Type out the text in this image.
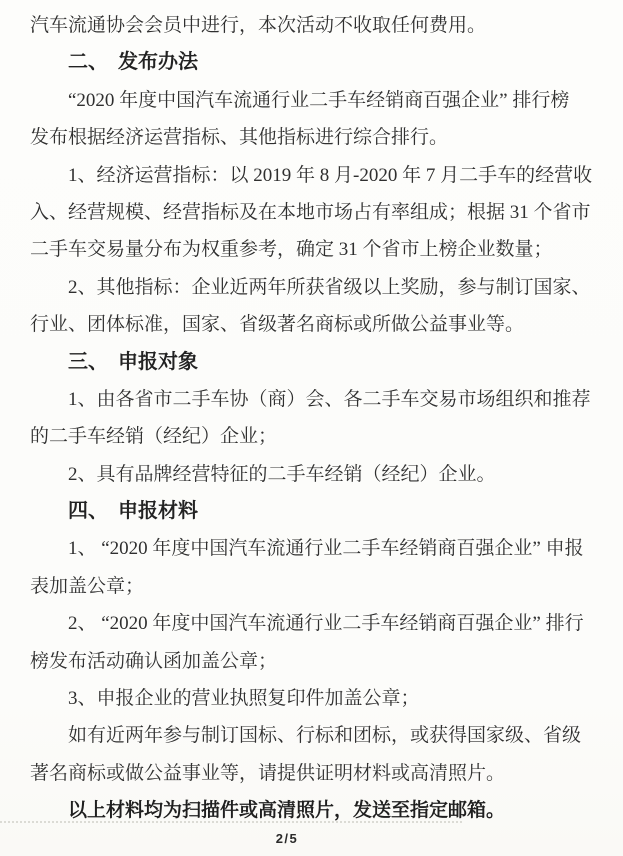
汽车流通协会会员中进行，本次活动不收取任何费用。
二、　发布办法
“2020 年度中国汽车流通行业二手车经销商百强企业” 排行榜
发布根据经济运营指标、其他指标进行综合排行。
1、经济运营指标：以 2019 年 8 月-2020 年 7 月二手车的经营收
入、经营规模、经营指标及在本地市场占有率组成；根据 31 个省市
二手车交易量分布为权重参考，确定 31 个省市上榜企业数量；
2、其他指标：企业近两年所获省级以上奖励，参与制订国家、
行业、团体标准，国家、省级著名商标或所做公益事业等。
三、　申报对象
1、由各省市二手车协（商）会、各二手车交易市场组织和推荐
的二手车经销（经纪）企业；
2、具有品牌经营特征的二手车经销（经纪）企业。
四、　申报材料
1、 “2020 年度中国汽车流通行业二手车经销商百强企业” 申报
表加盖公章；
2、 “2020 年度中国汽车流通行业二手车经销商百强企业” 排行
榜发布活动确认函加盖公章；
3、申报企业的营业执照复印件加盖公章；
如有近两年参与制订国标、行标和团标，或获得国家级、省级
著名商标或做公益事业等，请提供证明材料或高清照片。
以上材料均为扫描件或高清照片，发送至指定邮箱。
2/5
